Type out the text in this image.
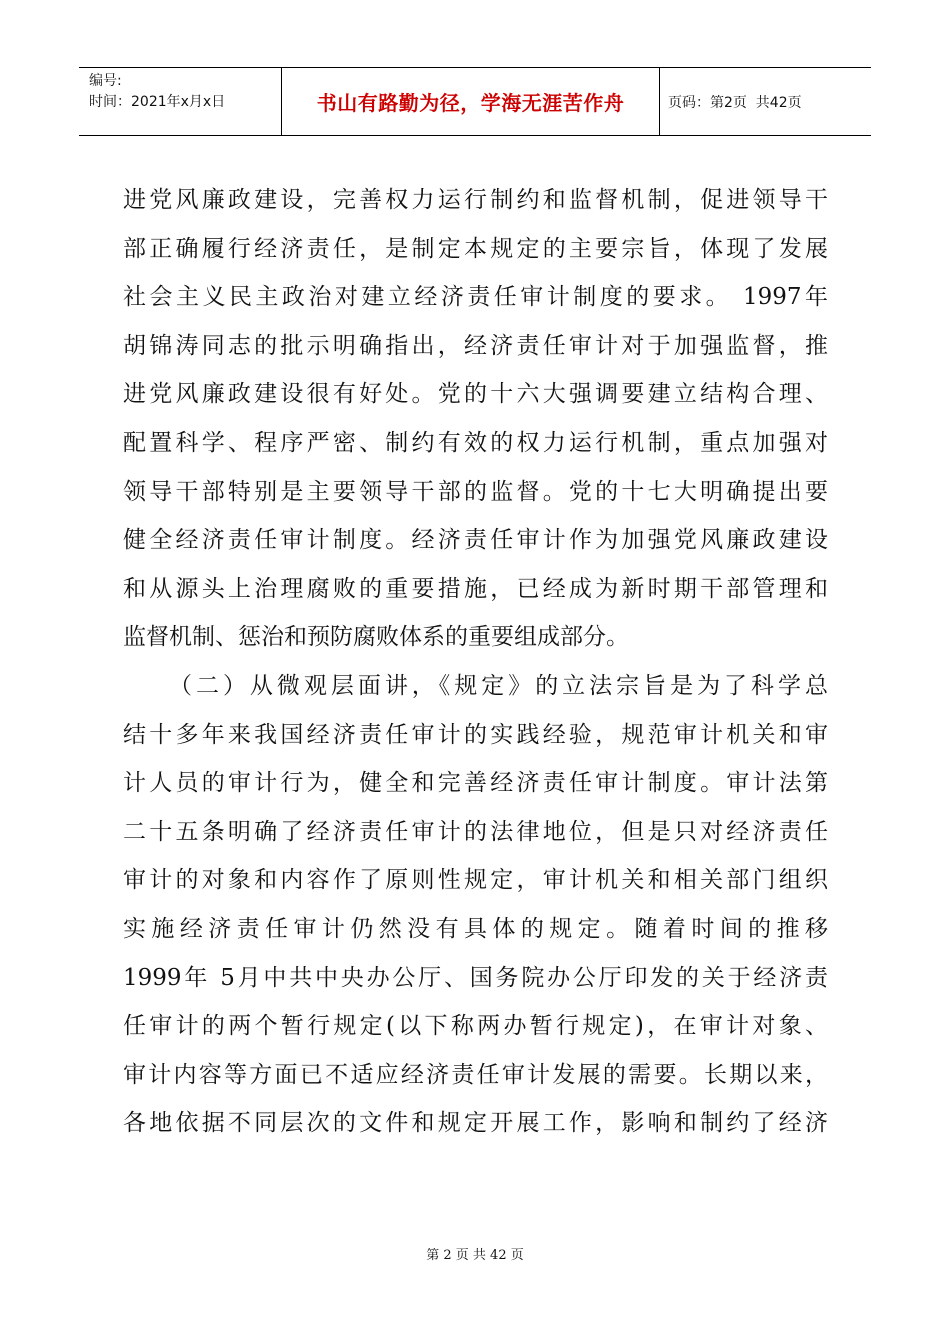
编号:
时间：2021年x月x日	书山有路勤为径，学海无涯苦作舟	页码：第2页  共42页
进党风廉政建设，完善权力运行制约和监督机制，促进领导干
部正确履行经济责任，是制定本规定的主要宗旨，体现了发展
社会主义民主政治对建立经济责任审计制度的要求。 1997年
胡锦涛同志的批示明确指出，经济责任审计对于加强监督，推
进党风廉政建设很有好处。党的十六大强调要建立结构合理、
配置科学、程序严密、制约有效的权力运行机制，重点加强对
领导干部特别是主要领导干部的监督。党的十七大明确提出要
健全经济责任审计制度。经济责任审计作为加强党风廉政建设
和从源头上治理腐败的重要措施，已经成为新时期干部管理和
监督机制、惩治和预防腐败体系的重要组成部分。
（二）从微观层面讲，《规定》的立法宗旨是为了科学总
结十多年来我国经济责任审计的实践经验，规范审计机关和审
计人员的审计行为，健全和完善经济责任审计制度。审计法第
二十五条明确了经济责任审计的法律地位，但是只对经济责任
审计的对象和内容作了原则性规定，审计机关和相关部门组织
实施经济责任审计仍然没有具体的规定。随着时间的推移
1999年 5月中共中央办公厅、国务院办公厅印发的关于经济责
任审计的两个暂行规定(以下称两办暂行规定)，在审计对象、
审计内容等方面已不适应经济责任审计发展的需要。长期以来，
各地依据不同层次的文件和规定开展工作，影响和制约了经济
第 2 页 共 42 页
